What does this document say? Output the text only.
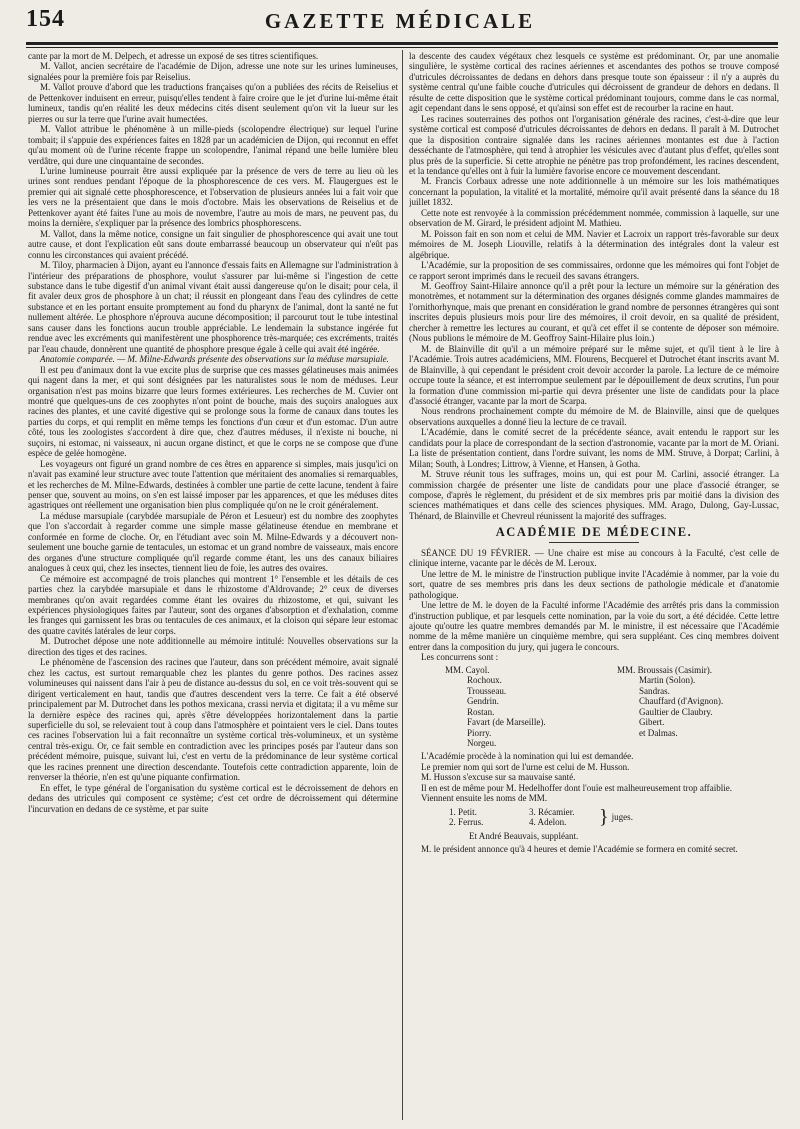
154	GAZETTE MÉDICALE

cante par la mort de M. Delpech, et adresse un exposé de ses titres scientifiques.

M. Vallot, ancien secrétaire de l'académie de Dijon, adresse une note sur les urines lumineuses, signalées pour la première fois par Reiselius.

M. Vallot prouve d'abord que les traductions françaises qu'on a publiées des récits de Reiselius et de Pettenkover induisent en erreur, puisqu'elles tendent à faire croire que le jet d'urine lui-même était lumineux, tandis qu'en réalité les deux médecins cités disent seulement qu'on vit la lueur sur les pierres ou sur la terre que l'urine avait humectées.

M. Vallot attribue le phénomène à un mille-pieds (scolopendre électrique) sur lequel l'urine tombait; il s'appuie des expériences faites en 1828 par un académicien de Dijon, qui reconnut en effet qu'au moment où de l'urine récente frappe un scolopendre, l'animal répand une belle lumière bleu verdâtre, qui dure une cinquantaine de secondes.

L'urine lumineuse pourrait être aussi expliquée par la présence de vers de terre au lieu où les urines sont rendues pendant l'époque de la phosphorescence de ces vers. M. Flaugergues est le premier qui ait signalé cette phosphorescence, et l'observation de plusieurs années lui a fait voir que les vers ne la présentaient que dans le mois d'octobre. Mais les observations de Reiselius et de Pettenkover ayant été faites l'une au mois de novembre, l'autre au mois de mars, ne peuvent pas, du moins la dernière, s'expliquer par la présence des lombrics phosphorescens.

M. Vallot, dans la même notice, consigne un fait singulier de phosphorescence qui avait une tout autre cause, et dont l'explication eût sans doute embarrassé beaucoup un observateur qui n'eût pas connu les circonstances qui avaient précédé.

M. Tiloy, pharmacien à Dijon, ayant eu l'annonce d'essais faits en Allemagne sur l'administration à l'intérieur des préparations de phosphore, voulut s'assurer par lui-même si l'ingestion de cette substance dans le tube digestif d'un animal vivant était aussi dangereuse qu'on le disait; pour cela, il fit avaler deux gros de phosphore à un chat; il réussit en plongeant dans l'eau des cylindres de cette substance et en les portant ensuite promptement au fond du pharynx de l'animal, dont la santé ne fut nullement altérée. Le phosphore n'éprouva aucune décomposition; il parcourut tout le tube intestinal sans causer dans les fonctions aucun trouble appréciable. Le lendemain la substance ingérée fut rendue avec les excréments qui manifestèrent une phosphorence très-marquée; ces excréments, traités par l'eau chaude, donnèrent une quantité de phosphore presque égale à celle qui avait été ingérée.

Anatomie comparée. — M. Milne-Edwards présente des observations sur la méduse marsupiale.

Il est peu d'animaux dont la vue excite plus de surprise que ces masses gélatineuses mais animées qui nagent dans la mer, et qui sont désignées par les naturalistes sous le nom de méduses. Leur organisation n'est pas moins bizarre que leurs formes extérieures. Les recherches de M. Cuvier ont montré que quelques-uns de ces zoophytes n'ont point de bouche, mais des suçoirs analogues aux racines des plantes, et une cavité digestive qui se prolonge sous la forme de canaux dans toutes les parties du corps, et qui remplit en même temps les fonctions d'un cœur et d'un estomac. D'un autre côté, tous les zoologistes s'accordent à dire que, chez d'autres méduses, il n'existe ni bouche, ni suçoirs, ni estomac, ni vaisseaux, ni aucun organe distinct, et que le corps ne se compose que d'une espèce de gelée homogène.

Les voyageurs ont figuré un grand nombre de ces êtres en apparence si simples, mais jusqu'ici on n'avait pas examiné leur structure avec toute l'attention que méritaient des anomalies si remarquables, et les recherches de M. Milne-Edwards, destinées à combler une partie de cette lacune, tendent à faire penser que, souvent au moins, on s'en est laissé imposer par les apparences, et que les méduses dites agastriques ont réellement une organisation bien plus compliquée qu'on ne le croit généralement.

La méduse marsupiale (carybdée marsupiale de Péron et Lesueur) est du nombre des zoophytes que l'on s'accordait à regarder comme une simple masse gélatineuse étendue en membrane et conformée en forme de cloche. Or, en l'étudiant avec soin M. Milne-Edwards y a découvert non-seulement une bouche garnie de tentacules, un estomac et un grand nombre de vaisseaux, mais encore des organes d'une structure compliquée qu'il regarde comme étant, les uns des canaux biliaires analogues à ceux qui, chez les insectes, tiennent lieu de foie, les autres des ovaires.

Ce mémoire est accompagné de trois planches qui montrent 1° l'ensemble et les détails de ces parties chez la carybdée marsupiale et dans le rhizostome d'Aldrovande; 2° ceux de diverses membranes qu'on avait regardées comme étant les ovaires du rhizostome, et qui, suivant les expériences physiologiques faites par l'auteur, sont des organes d'absorption et d'exhalation, comme les franges qui garnissent les bras ou tentacules de ces animaux, et la cloison qui sépare leur estomac des quatre cavités latérales de leur corps.

M. Dutrochet dépose une note additionnelle au mémoire intitulé: Nouvelles observations sur la direction des tiges et des racines.

Le phénomène de l'ascension des racines que l'auteur, dans son précédent mémoire, avait signalé chez les cactus, est surtout remarquable chez les plantes du genre pothos. Des racines assez volumineuses qui naissent dans l'air à peu de distance au-dessus du sol, en ce voit très-souvent qui se dirigent verticalement en haut, tandis que d'autres descendent vers la terre. Ce fait a été observé principalement par M. Dutrochet dans les pothos mexicana, crassi nervia et digitata; il a vu même sur la dernière espèce des racines qui, après s'être développées horizontalement dans la partie superficielle du sol, se relevaient tout à coup dans l'atmosphère et pointaient vers le ciel. Dans toutes ces racines l'observation lui a fait reconnaître un système cortical très-volumineux, et un système central très-exigu. Or, ce fait semble en contradiction avec les principes posés par l'auteur dans son précédent mémoire, puisque, suivant lui, c'est en vertu de la prédominance de leur système cortical que les racines prennent une direction descendante. Toutefois cette contradiction apparente, loin de renverser la théorie, n'en est qu'une piquante confirmation.

En effet, le type général de l'organisation du système cortical est le décroissement de dehors en dedans des utricules qui composent ce système; c'est cet ordre de décroissement qui détermine l'incurvation en dedans de ce système, et par suite

la descente des caudex végétaux chez lesquels ce système est prédominant. Or, par une anomalie singulière, le système cortical des racines aériennes et ascendantes des pothos se trouve composé d'utricules décroissantes de dedans en dehors dans presque toute son épaisseur : il n'y a auprès du système central qu'une faible couche d'utricules qui décroissent de grandeur de dehors en dedans. Il résulte de cette disposition que le système cortical prédominant toujours, comme dans le cas normal, agit cependant dans le sens opposé, et qu'ainsi son effet est de recourber la racine en haut.

Les racines souterraines des pothos ont l'organisation générale des racines, c'est-à-dire que leur système cortical est composé d'utricules décroissantes de dehors en dedans. Il paraît à M. Dutrochet que la disposition contraire signalée dans les racines aériennes montantes est due à l'action desséchante de l'atmosphère, qui tend à atrophier les vésicules avec d'autant plus d'effet, qu'elles sont plus près de la superficie. Si cette atrophie ne pénètre pas trop profondément, les racines descendent, et la tendance qu'elles ont à fuir la lumière favorise encore ce mouvement descendant.

M. Francis Corbaux adresse une note additionnelle à un mémoire sur les lois mathématiques concernant la population, la vitalité et la mortalité, mémoire qu'il avait présenté dans la séance du 18 juillet 1832.

Cette note est renvoyée à la commission précédemment nommée, commission à laquelle, sur une observation de M. Girard, le président adjoint M. Mathieu.

M. Poisson fait en son nom et celui de MM. Navier et Lacroix un rapport très-favorable sur deux mémoires de M. Joseph Liouville, relatifs à la détermination des intégrales dont la valeur est algébrique.

L'Académie, sur la proposition de ses commissaires, ordonne que les mémoires qui font l'objet de ce rapport seront imprimés dans le recueil des savans étrangers.

M. Geoffroy Saint-Hilaire annonce qu'il a prêt pour la lecture un mémoire sur la génération des monotrèmes, et notamment sur la détermination des organes désignés comme glandes mammaires de l'ornithorhynque, mais que prenant en considération le grand nombre de personnes étrangères qui sont inscrites depuis plusieurs mois pour lire des mémoires, il croit devoir, en sa qualité de président, chercher à remettre les lectures au courant, et qu'à cet effet il se contente de déposer son mémoire. (Nous publions le mémoire de M. Geoffroy Saint-Hilaire plus loin.)

M. de Blainville dit qu'il a un mémoire préparé sur le même sujet, et qu'il tient à le lire à l'Académie. Trois autres académiciens, MM. Flourens, Becquerel et Dutrochet étant inscrits avant M. de Blainville, à qui cependant le président croit devoir accorder la parole. La lecture de ce mémoire occupe toute la séance, et est interrompue seulement par le dépouillement de deux scrutins, l'un pour la formation d'une commission mi-partie qui devra présenter une liste de candidats pour la place d'associé étranger, vacante par la mort de Scarpa.

Nous rendrons prochainement compte du mémoire de M. de Blainville, ainsi que de quelques observations auxquelles a donné lieu la lecture de ce travail.

L'Académie, dans le comité secret de la précédente séance, avait entendu le rapport sur les candidats pour la place de correspondant de la section d'astronomie, vacante par la mort de M. Oriani. La liste de présentation contient, dans l'ordre suivant, les noms de MM. Struve, à Dorpat; Carlini, à Milan; South, à Londres; Littrow, à Vienne, et Hansen, à Gotha.

M. Struve réunit tous les suffrages, moins un, qui est pour M. Carlini, associé étranger. La commission chargée de présenter une liste de candidats pour une place d'associé étranger, se compose, d'après le règlement, du président et de six membres pris par moitié dans la division des sciences mathématiques et dans celle des sciences physiques. MM. Arago, Dulong, Gay-Lussac, Thénard, de Blainville et Chevreul réunissent la majorité des suffrages.

ACADÉMIE DE MÉDECINE.

SÉANCE DU 19 FÉVRIER. — Une chaire est mise au concours à la Faculté, c'est celle de clinique interne, vacante par le décès de M. Leroux.

Une lettre de M. le ministre de l'instruction publique invite l'Académie à nommer, par la voie du sort, quatre de ses membres pris dans les deux sections de pathologie médicale et d'anatomie pathologique.

Une lettre de M. le doyen de la Faculté informe l'Académie des arrêtés pris dans la commission d'instruction publique, et par lesquels cette nomination, par la voie du sort, a été décidée. Cette lettre ajoute qu'outre les quatre membres demandés par M. le ministre, il est nécessaire que l'Académie nomme de la même manière un cinquième membre, qui sera suppléant. Ces cinq membres doivent entrer dans la composition du jury, qui jugera le concours.

Les concurrens sont :

MM. Cayol.	MM. Broussais (Casimir).
Rochoux.	Martin (Solon).
Trousseau.	Sandras.
Gendrin.	Chauffard (d'Avignon).
Rostan.	Gaultier de Claubry.
Favart (de Marseille).	Gibert.
Piorry.	et Dalmas.
Norgeu.	

L'Académie procède à la nomination qui lui est demandée.

Le premier nom qui sort de l'urne est celui de M. Husson.

M. Husson s'excuse sur sa mauvaise santé.

Il en est de même pour M. Hedelhoffer dont l'ouïe est malheureusement trop affaiblie.

Viennent ensuite les noms de MM.

1. Petit.	3. Récamier.
2. Ferrus.	4. Adelon. } juges.

Et André Beauvais, suppléant.

M. le président annonce qu'à 4 heures et demie l'Académie se formera en comité secret.
